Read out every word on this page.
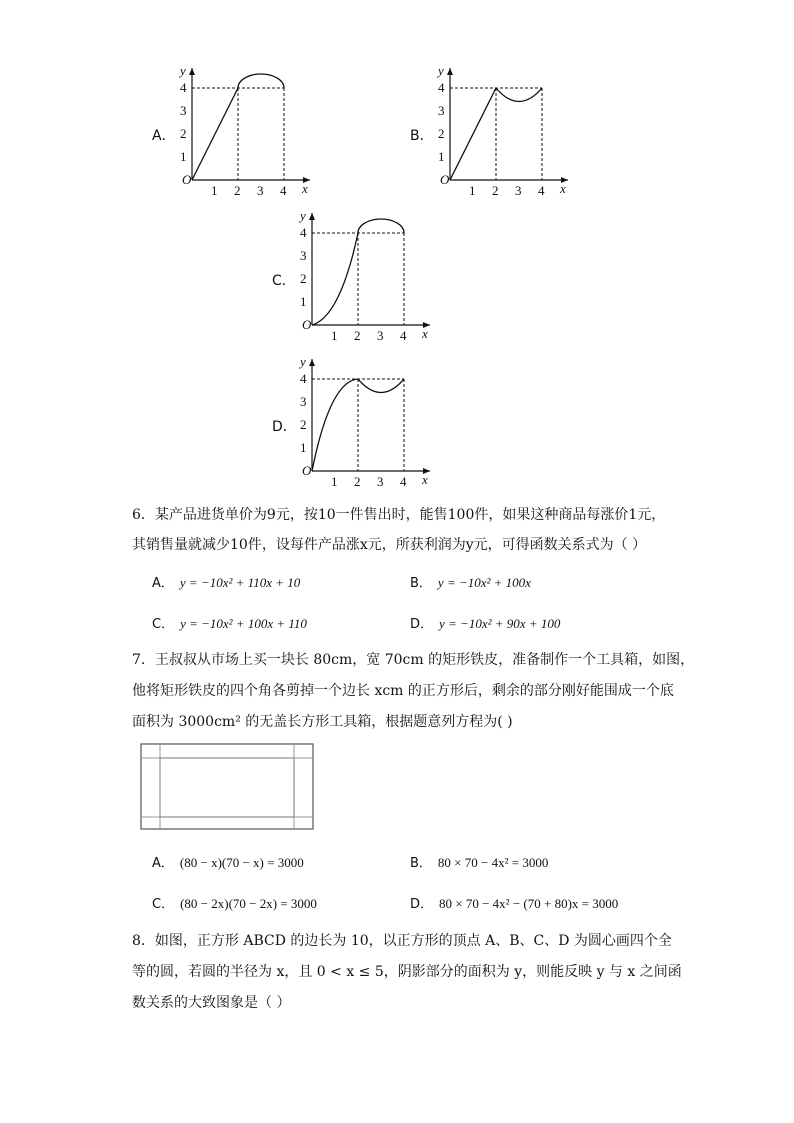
A．
O
x
y
1 2 3 4
1
2
3
4
B．
O
x
y
1 2 3 4
1
2
3
4
C．
O
x
y
1 2 3 4
1
2
3
4
D．
O
x
y
1 2 3 4
1
2
3
4
6．某产品进货单价为9元，按10一件售出时，能售100件，如果这种商品每涨价1元，
其销售量就减少10件，设每件产品涨x元，所获利润为y元，可得函数关系式为（ ）
A． y = −10x² + 110x + 10	B． y = −10x² + 100x
C． y = −10x² + 100x + 110	D． y = −10x² + 90x + 100
7．王叔叔从市场上买一块长 80cm，宽 70cm 的矩形铁皮，准备制作一个工具箱，如图，
他将矩形铁皮的四个角各剪掉一个边长 xcm 的正方形后，剩余的部分刚好能围成一个底
面积为 3000cm² 的无盖长方形工具箱，根据题意列方程为( )
A． (80 − x)(70 − x) = 3000	B． 80 × 70 − 4x² = 3000
C． (80 − 2x)(70 − 2x) = 3000	D． 80 × 70 − 4x² − (70 + 80)x = 3000
8．如图，正方形 ABCD 的边长为 10，以正方形的顶点 A、B、C、D 为圆心画四个全
等的圆，若圆的半径为 x，且 0 < x ≤ 5，阴影部分的面积为 y，则能反映 y 与 x 之间函
数关系的大致图象是（ ）
